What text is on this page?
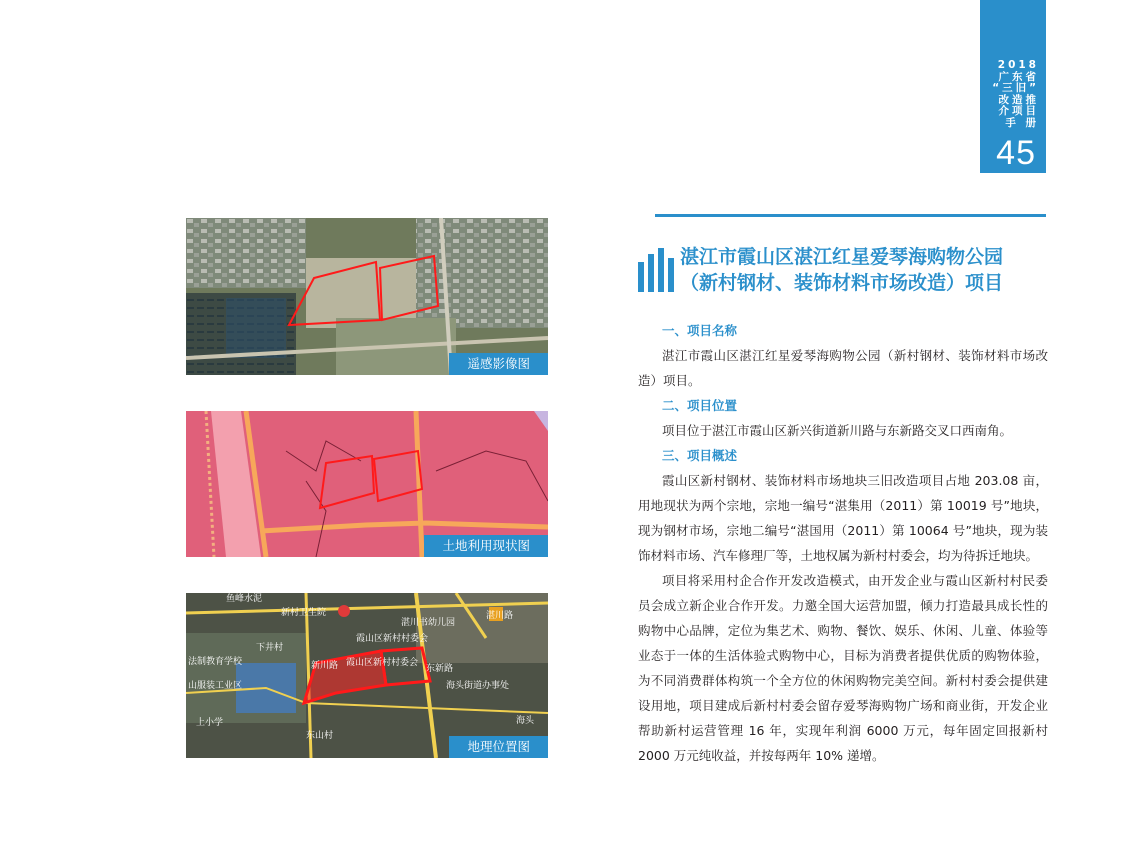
2018
广东省
“三旧”
改造推
介项目
手 册
45
遥感影像图
土地利用现状图
鱼峰水泥
新村卫生院
湛川书幼儿园
霞山区新村村委会
下井村
法制教育学校	霞山区新村村委会
东新路
海头街道办事处
东山村
海头
湛川路
新川路
山服装工业区
上小学
地理位置图
湛江市霞山区湛江红星爱琴海购物公园
（新村钢材、装饰材料市场改造）项目
一、项目名称

湛江市霞山区湛江红星爱琴海购物公园（新村钢材、装饰材料市场改造）项目。

二、项目位置

项目位于湛江市霞山区新兴街道新川路与东新路交叉口西南角。

三、项目概述

霞山区新村钢材、装饰材料市场地块三旧改造项目占地 203.08 亩，用地现状为两个宗地，宗地一编号“湛集用（2011）第 10019 号”地块，现为钢材市场，宗地二编号“湛国用（2011）第 10064 号”地块，现为装饰材料市场、汽车修理厂等，土地权属为新村村委会，均为待拆迁地块。

项目将采用村企合作开发改造模式，由开发企业与霞山区新村村民委员会成立新企业合作开发。力邀全国大运营加盟，倾力打造最具成长性的购物中心品牌，定位为集艺术、购物、餐饮、娱乐、休闲、儿童、体验等业态于一体的生活体验式购物中心，目标为消费者提供优质的购物体验，为不同消费群体构筑一个全方位的休闲购物完美空间。新村村委会提供建设用地，项目建成后新村村委会留存爱琴海购物广场和商业街，开发企业帮助新村运营管理 16 年，实现年利润 6000 万元，每年固定回报新村 2000 万元纯收益，并按每两年 10% 递增。
